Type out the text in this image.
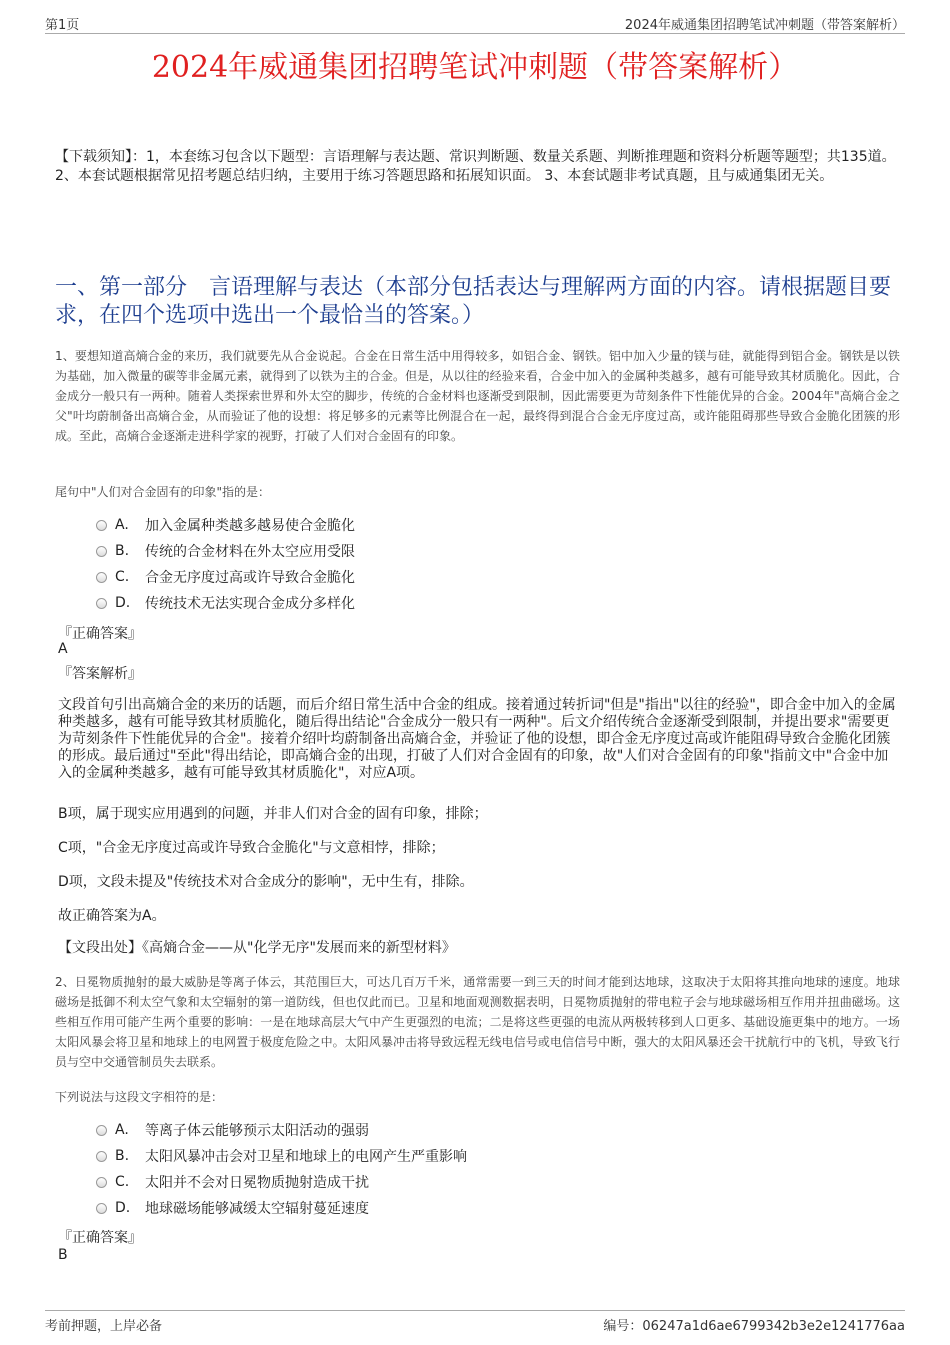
第1页	2024年威通集团招聘笔试冲刺题（带答案解析）
2024年威通集团招聘笔试冲刺题（带答案解析）
【下载须知】：1，本套练习包含以下题型：言语理解与表达题、常识判断题、数量关系题、判断推理题和资料分析题等题型；共135道。 2、本套试题根据常见招考题总结归纳，主要用于练习答题思路和拓展知识面。 3、本套试题非考试真题，且与威通集团无关。
一、第一部分　言语理解与表达（本部分包括表达与理解两方面的内容。请根据题目要求，在四个选项中选出一个最恰当的答案。）
1、要想知道高熵合金的来历，我们就要先从合金说起。合金在日常生活中用得较多，如铝合金、钢铁。铝中加入少量的镁与硅，就能得到铝合金。钢铁是以铁为基础，加入微量的碳等非金属元素，就得到了以铁为主的合金。但是，从以往的经验来看，合金中加入的金属种类越多，越有可能导致其材质脆化。因此，合金成分一般只有一两种。随着人类探索世界和外太空的脚步，传统的合金材料也逐渐受到限制，因此需要更为苛刻条件下性能优异的合金。2004年"高熵合金之父"叶均蔚制备出高熵合金，从而验证了他的设想：将足够多的元素等比例混合在一起，最终得到混合合金无序度过高，或许能阻碍那些导致合金脆化团簇的形成。至此，高熵合金逐渐走进科学家的视野，打破了人们对合金固有的印象。
尾句中"人们对合金固有的印象"指的是：
A.	加入金属种类越多越易使合金脆化
B.	传统的合金材料在外太空应用受限
C.	合金无序度过高或许导致合金脆化
D.	传统技术无法实现合金成分多样化
『正确答案』
A
『答案解析』
文段首句引出高熵合金的来历的话题，而后介绍日常生活中合金的组成。接着通过转折词"但是"指出"以往的经验"，即合金中加入的金属种类越多，越有可能导致其材质脆化，随后得出结论"合金成分一般只有一两种"。后文介绍传统合金逐渐受到限制，并提出要求"需要更为苛刻条件下性能优异的合金"。接着介绍叶均蔚制备出高熵合金，并验证了他的设想，即合金无序度过高或许能阻碍导致合金脆化团簇的形成。最后通过"至此"得出结论，即高熵合金的出现，打破了人们对合金固有的印象，故"人们对合金固有的印象"指前文中"合金中加入的金属种类越多，越有可能导致其材质脆化"，对应A项。
B项，属于现实应用遇到的问题，并非人们对合金的固有印象，排除；
C项，"合金无序度过高或许导致合金脆化"与文意相悖，排除；
D项，文段未提及"传统技术对合金成分的影响"，无中生有，排除。
故正确答案为A。
【文段出处】《高熵合金——从"化学无序"发展而来的新型材料》
2、日冕物质抛射的最大威胁是等离子体云，其范围巨大，可达几百万千米，通常需要一到三天的时间才能到达地球，这取决于太阳将其推向地球的速度。地球磁场是抵御不利太空气象和太空辐射的第一道防线，但也仅此而已。卫星和地面观测数据表明，日冕物质抛射的带电粒子会与地球磁场相互作用并扭曲磁场。这些相互作用可能产生两个重要的影响：一是在地球高层大气中产生更强烈的电流；二是将这些更强的电流从两极转移到人口更多、基础设施更集中的地方。一场太阳风暴会将卫星和地球上的电网置于极度危险之中。太阳风暴冲击将导致远程无线电信号或电信信号中断，强大的太阳风暴还会干扰航行中的飞机，导致飞行员与空中交通管制员失去联系。
下列说法与这段文字相符的是：
A.	等离子体云能够预示太阳活动的强弱
B.	太阳风暴冲击会对卫星和地球上的电网产生严重影响
C.	太阳并不会对日冕物质抛射造成干扰
D.	地球磁场能够减缓太空辐射蔓延速度
『正确答案』
B
考前押题，上岸必备	编号：06247a1d6ae6799342b3e2e1241776aa
